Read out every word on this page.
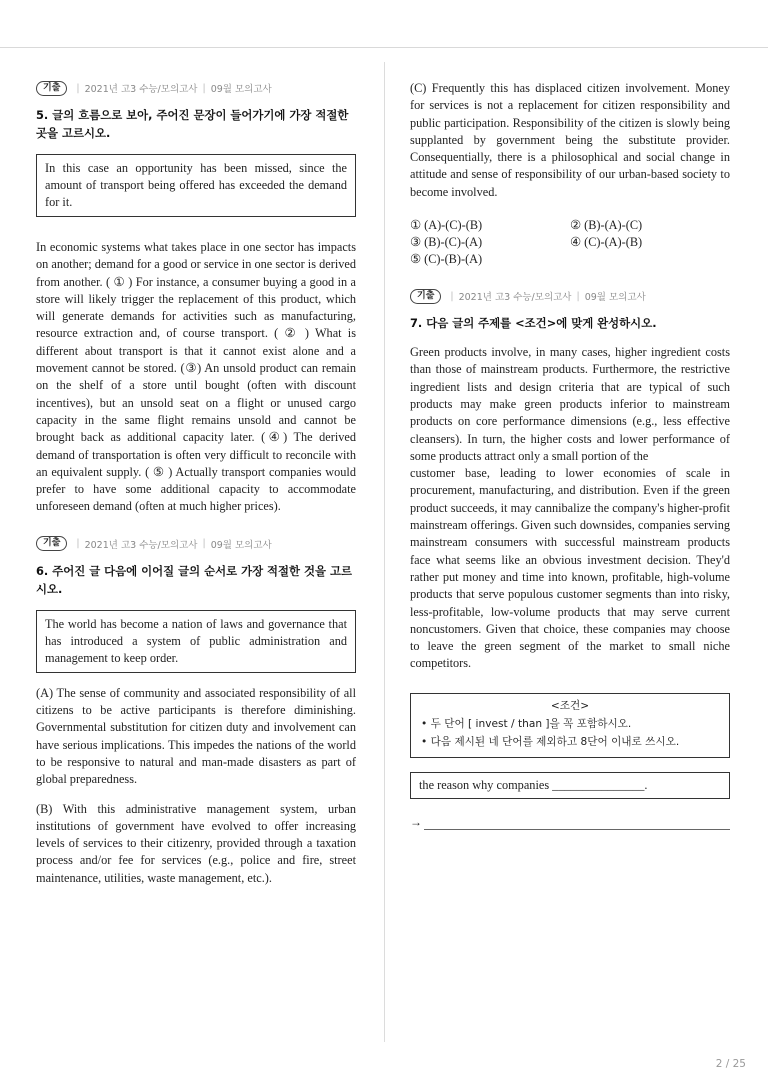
기출	| 2021년 고3 수능/모의고사 | 09월 모의고사
5. 글의 흐름으로 보아, 주어진 문장이 들어가기에 가장 적절한 곳을 고르시오.
In this case an opportunity has been missed, since the amount of transport being offered has exceeded the demand for it.
In economic systems what takes place in one sector has impacts on another; demand for a good or service in one sector is derived from another. ( ① ) For instance, a consumer buying a good in a store will likely trigger the replacement of this product, which will generate demands for activities such as manufacturing, resource extraction and, of course transport. ( ② ) What is different about transport is that it cannot exist alone and a movement cannot be stored. (③) An unsold product can remain on the shelf of a store until bought (often with discount incentives), but an unsold seat on a flight or unused cargo capacity in the same flight remains unsold and cannot be brought back as additional capacity later. (④) The derived demand of transportation is often very difficult to reconcile with an equivalent supply. ( ⑤ ) Actually transport companies would prefer to have some additional capacity to accommodate unforeseen demand (often at much higher prices).
기출	| 2021년 고3 수능/모의고사 | 09월 모의고사
6. 주어진 글 다음에 이어질 글의 순서로 가장 적절한 것을 고르시오.
The world has become a nation of laws and governance that has introduced a system of public administration and management to keep order.
(A) The sense of community and associated responsibility of all citizens to be active participants is therefore diminishing. Governmental substitution for citizen duty and involvement can have serious implications. This impedes the nations of the world to be responsive to natural and man-made disasters as part of global preparedness.
(B) With this administrative management system, urban institutions of government have evolved to offer increasing levels of services to their citizenry, provided through a taxation process and/or fee for services (e.g., police and fire, street maintenance, utilities, waste management, etc.).
(C) Frequently this has displaced citizen involvement. Money for services is not a replacement for citizen responsibility and public participation. Responsibility of the citizen is slowly being supplanted by government being the substitute provider. Consequentially, there is a philosophical and social change in attitude and sense of responsibility of our urban-based society to become involved.
① (A)-(C)-(B)	② (B)-(A)-(C)
③ (B)-(C)-(A)	④ (C)-(A)-(B)
⑤ (C)-(B)-(A)
기출	| 2021년 고3 수능/모의고사 | 09월 모의고사
7. 다음 글의 주제를 <조건>에 맞게 완성하시오.
Green products involve, in many cases, higher ingredient costs than those of mainstream products. Furthermore, the restrictive ingredient lists and design criteria that are typical of such products may make green products inferior to mainstream products on core performance dimensions (e.g., less effective cleansers). In turn, the higher costs and lower performance of some products attract only a small portion of the
customer base, leading to lower economies of scale in procurement, manufacturing, and distribution. Even if the green product succeeds, it may cannibalize the company's higher-profit mainstream offerings. Given such downsides, companies serving mainstream consumers with successful mainstream products face what seems like an obvious investment decision. They'd rather put money and time into known, profitable, high-volume products that serve populous customer segments than into risky, less-profitable, low-volume products that may serve current noncustomers. Given that choice, these companies may choose to leave the green segment of the market to small niche competitors.
<조건>
• 두 단어 [ invest / than ]을 꼭 포함하시오.
• 다음 제시된 네 단어를 제외하고 8단어 이내로 쓰시오.
the reason why companies _______________.
→
2 / 25
